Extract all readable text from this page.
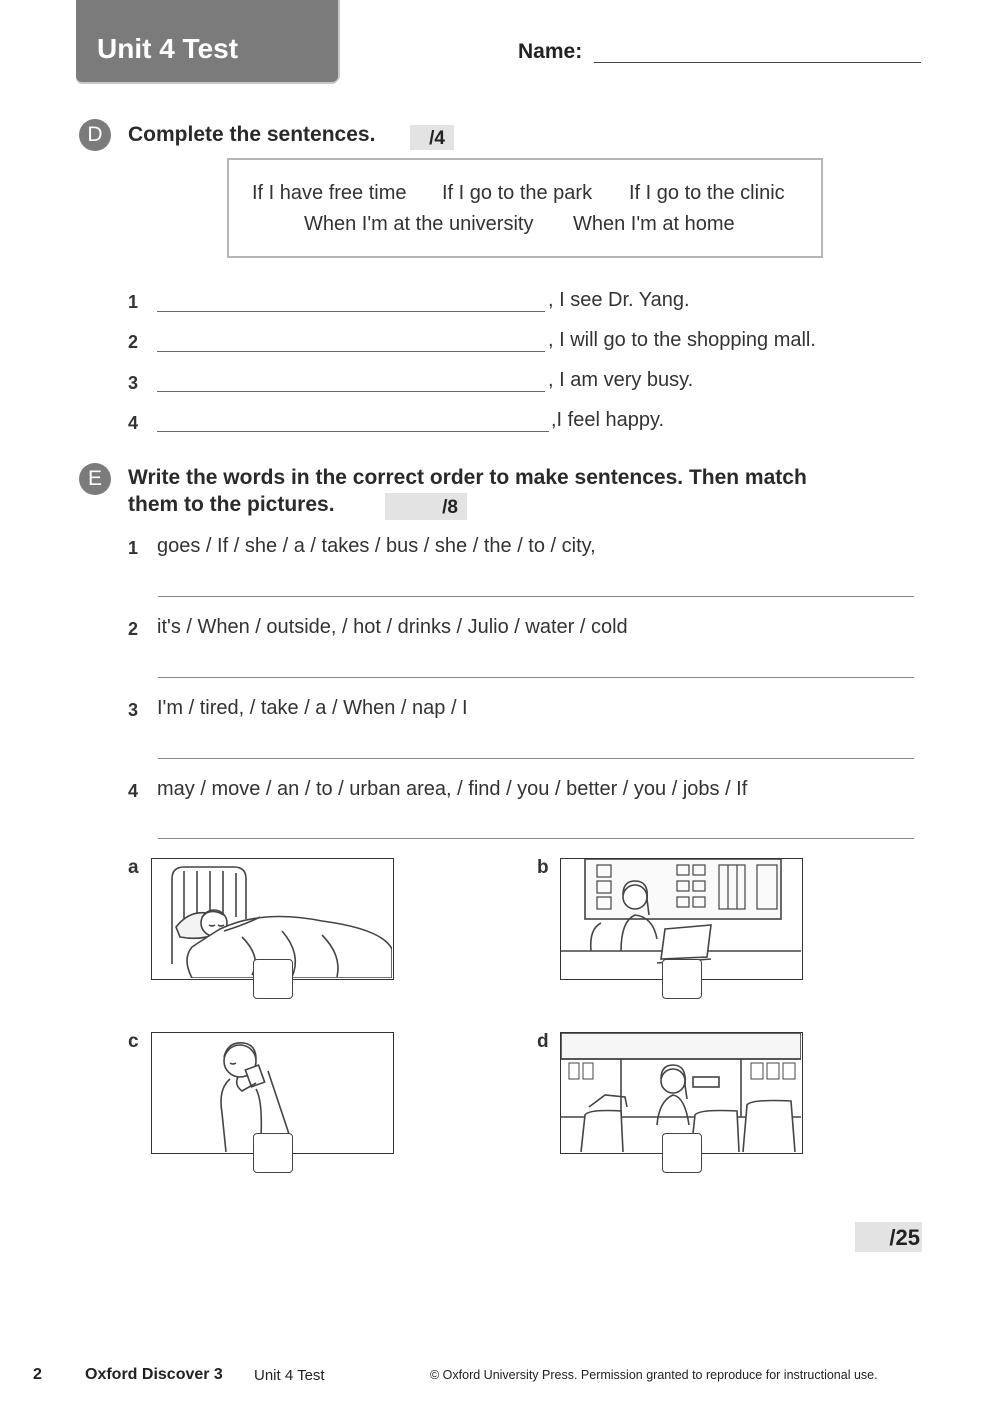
Unit 4 Test	Name:
D	Complete the sentences.	/4
If I have free time If I go to the park If I go to the clinic
When I'm at the university When I'm at home
1	, I see Dr. Yang.
2	, I will go to the shopping mall.
3	, I am very busy.
4	,I feel happy.
E	Write the words in the correct order to make sentences. Then match
them to the pictures.	/8
1 goes / If / she / a / takes / bus / she / the / to / city,
2 it's / When / outside, / hot / drinks / Julio / water / cold
3 I'm / tired, / take / a / When / nap / I
4 may / move / an / to / urban area, / find / you / better / you / jobs / If
a	b
c	d
/25
2	Oxford Discover 3 Unit 4 Test	© Oxford University Press. Permission granted to reproduce for instructional use.
